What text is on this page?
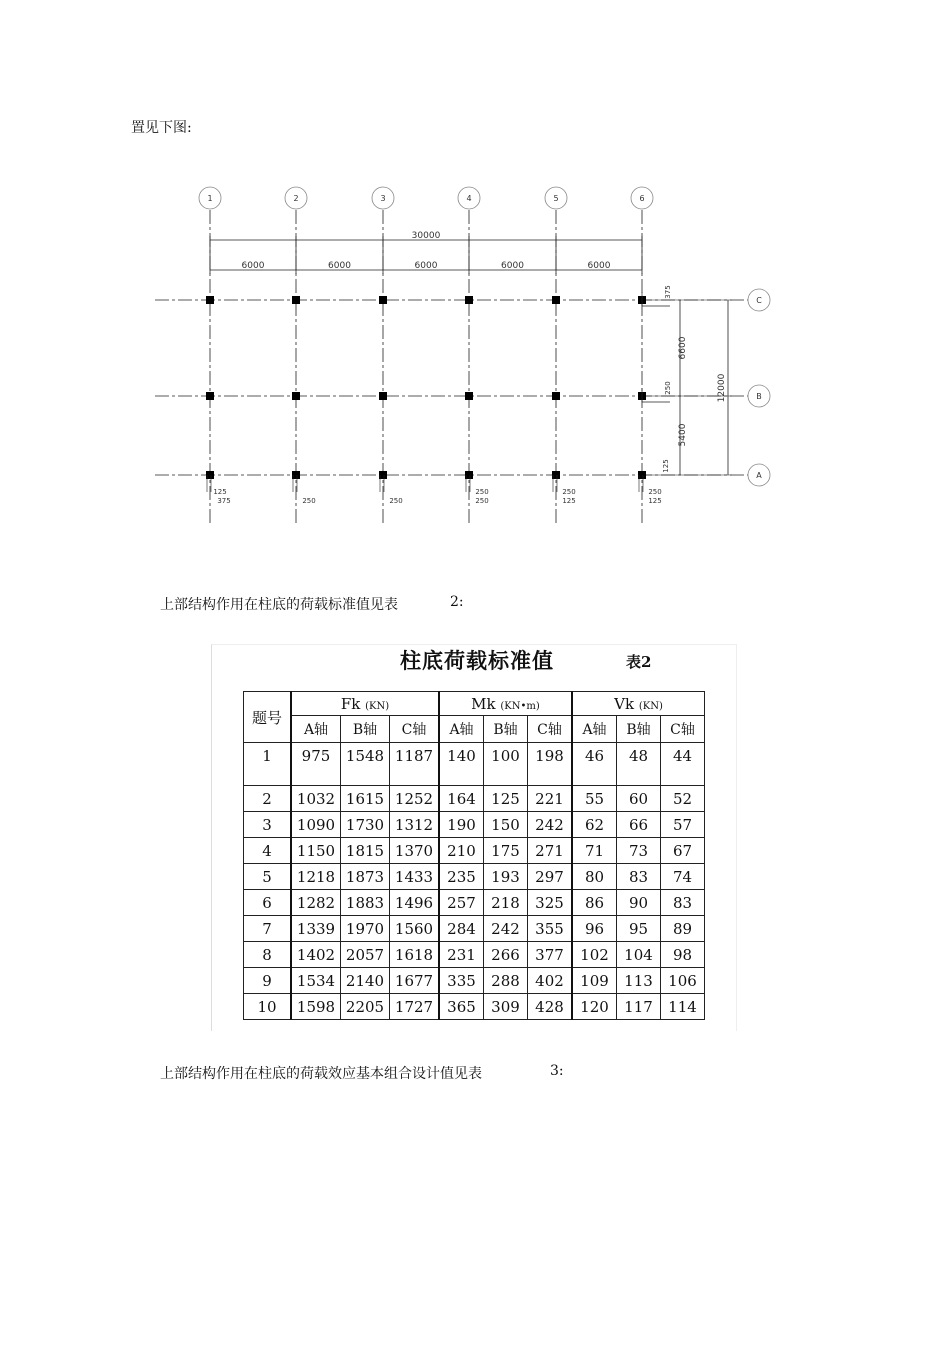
置见下图:
1	2	3	4	5	6
C
B
A
30000
6000	6000	6000	6000	6000
6600
5400
12000
125
375	250	250
250
250
250
125
250
125
375
250
125
上部结构作用在柱底的荷载标准值见表	2:
柱底荷载标准值	表2
题号	Fk (KN)			Mk (KN•m)			Vk (KN)		
	A轴	B轴	C轴	A轴	B轴	C轴	A轴	B轴	C轴
1	975	1548	1187	140	100	198	46	48	44
2	1032	1615	1252	164	125	221	55	60	52
3	1090	1730	1312	190	150	242	62	66	57
4	1150	1815	1370	210	175	271	71	73	67
5	1218	1873	1433	235	193	297	80	83	74
6	1282	1883	1496	257	218	325	86	90	83
7	1339	1970	1560	284	242	355	96	95	89
8	1402	2057	1618	231	266	377	102	104	98
9	1534	2140	1677	335	288	402	109	113	106
10	1598	2205	1727	365	309	428	120	117	114
上部结构作用在柱底的荷载效应基本组合设计值见表	3:
